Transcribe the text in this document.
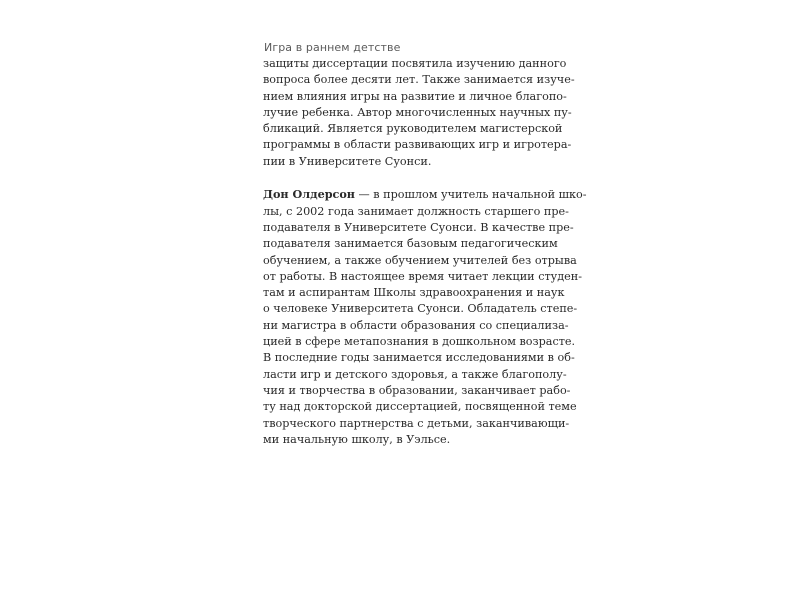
Игра в раннем детстве
защиты диссертации посвятила изучению данного
вопроса более десяти лет. Также занимается изуче-
нием влияния игры на развитие и личное благопо-
лучие ребенка. Автор многочисленных научных пу-
бликаций. Является руководителем магистерской
программы в области развивающих игр и игротера-
пии в Университете Суонси.
Дон Олдерсон — в прошлом учитель начальной шко-
лы, с 2002 года занимает должность старшего пре-
подавателя в Университете Суонси. В качестве пре-
подавателя занимается базовым педагогическим
обучением, а также обучением учителей без отрыва
от работы. В настоящее время читает лекции студен-
там и аспирантам Школы здравоохранения и наук
о человеке Университета Суонси. Обладатель степе-
ни магистра в области образования со специализа-
цией в сфере метапознания в дошкольном возрасте.
В последние годы занимается исследованиями в об-
ласти игр и детского здоровья, а также благополу-
чия и творчества в образовании, заканчивает рабо-
ту над докторской диссертацией, посвященной теме
творческого партнерства с детьми, заканчивающи-
ми начальную школу, в Уэльсе.
